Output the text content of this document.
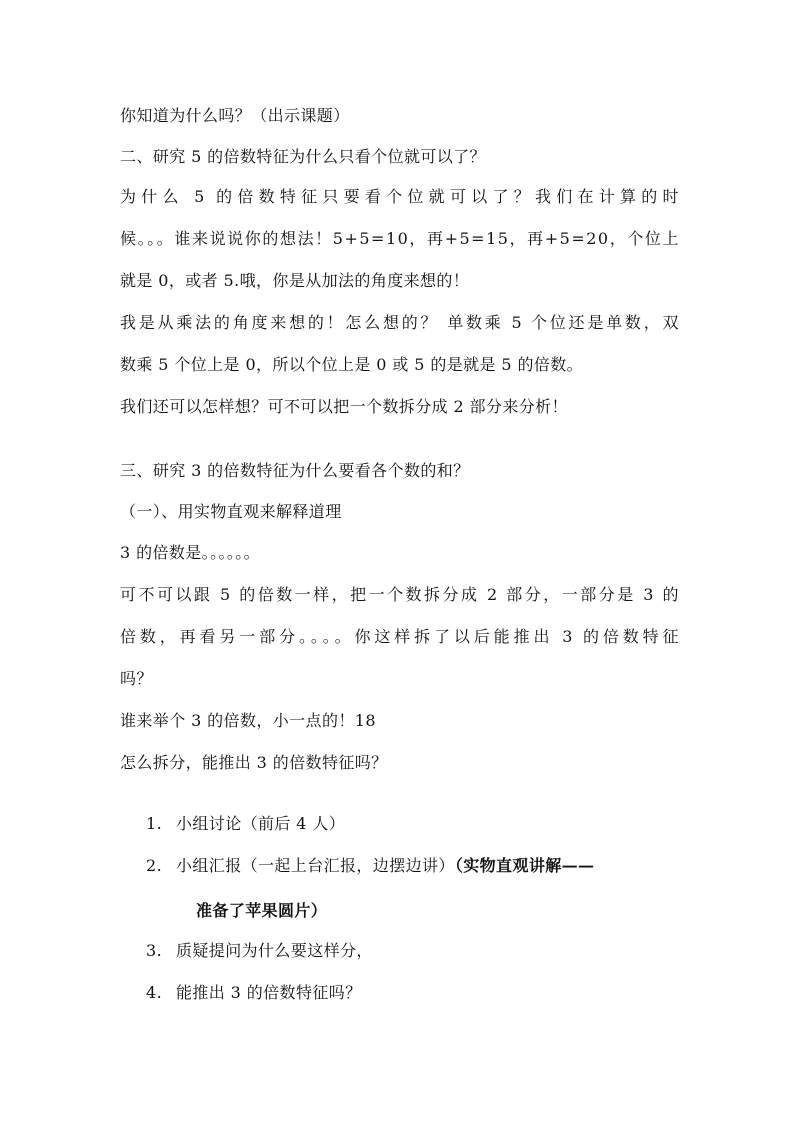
你知道为什么吗？（出示课题）
二、研究 5 的倍数特征为什么只看个位就可以了？
为什么 5 的倍数特征只要看个位就可以了？我们在计算的时
候。。。谁来说说你的想法！5+5=10，再+5=15，再+5=20，个位上
就是 0，或者 5.哦，你是从加法的角度来想的！
我是从乘法的角度来想的！怎么想的？ 单数乘 5 个位还是单数，双
数乘 5 个位上是 0，所以个位上是 0 或 5 的是就是 5 的倍数。
我们还可以怎样想？可不可以把一个数拆分成 2 部分来分析！
三、研究 3 的倍数特征为什么要看各个数的和？
（一）、用实物直观来解释道理
3 的倍数是。。。。。。
可不可以跟 5 的倍数一样，把一个数拆分成 2 部分，一部分是 3 的
倍数，再看另一部分。。。。你这样拆了以后能推出 3 的倍数特征
吗？
谁来举个 3 的倍数，小一点的！18
怎么拆分，能推出 3 的倍数特征吗？
1. 小组讨论（前后 4 人）
2. 小组汇报（一起上台汇报，边摆边讲）（实物直观讲解——
准备了苹果圆片）
3. 质疑提问为什么要这样分，
4. 能推出 3 的倍数特征吗？
